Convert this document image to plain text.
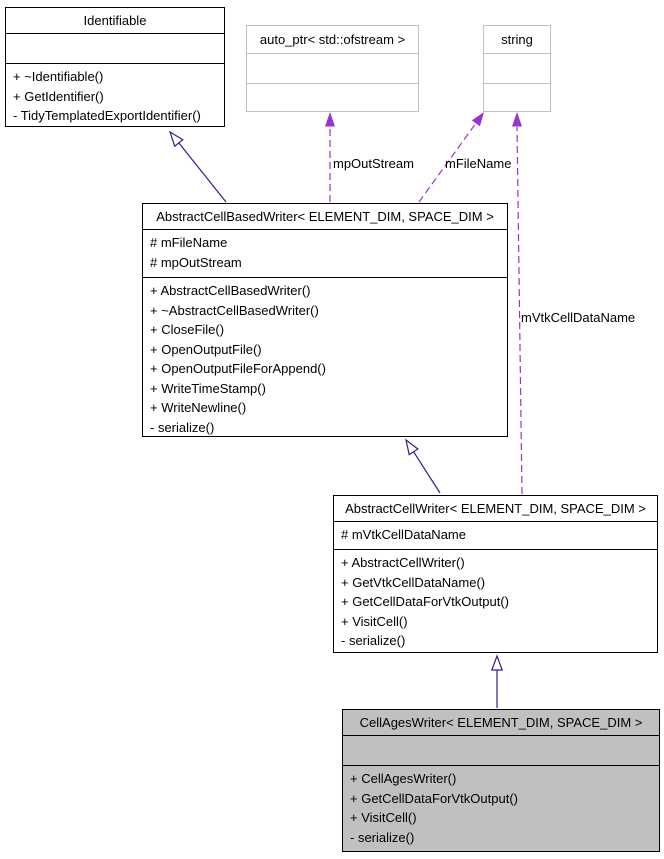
Identifiable
+ ~Identifiable()
+ GetIdentifier()
- TidyTemplatedExportIdentifier()
auto_ptr< std::ofstream >	string
AbstractCellBasedWriter< ELEMENT_DIM, SPACE_DIM >
# mFileName
# mpOutStream
+ AbstractCellBasedWriter()
+ ~AbstractCellBasedWriter()
+ CloseFile()
+ OpenOutputFile()
+ OpenOutputFileForAppend()
+ WriteTimeStamp()
+ WriteNewline()
- serialize()
AbstractCellWriter< ELEMENT_DIM, SPACE_DIM >
# mVtkCellDataName
+ AbstractCellWriter()
+ GetVtkCellDataName()
+ GetCellDataForVtkOutput()
+ VisitCell()
- serialize()
CellAgesWriter< ELEMENT_DIM, SPACE_DIM >
+ CellAgesWriter()
+ GetCellDataForVtkOutput()
+ VisitCell()
- serialize()
mpOutStream mFileName
mVtkCellDataName
